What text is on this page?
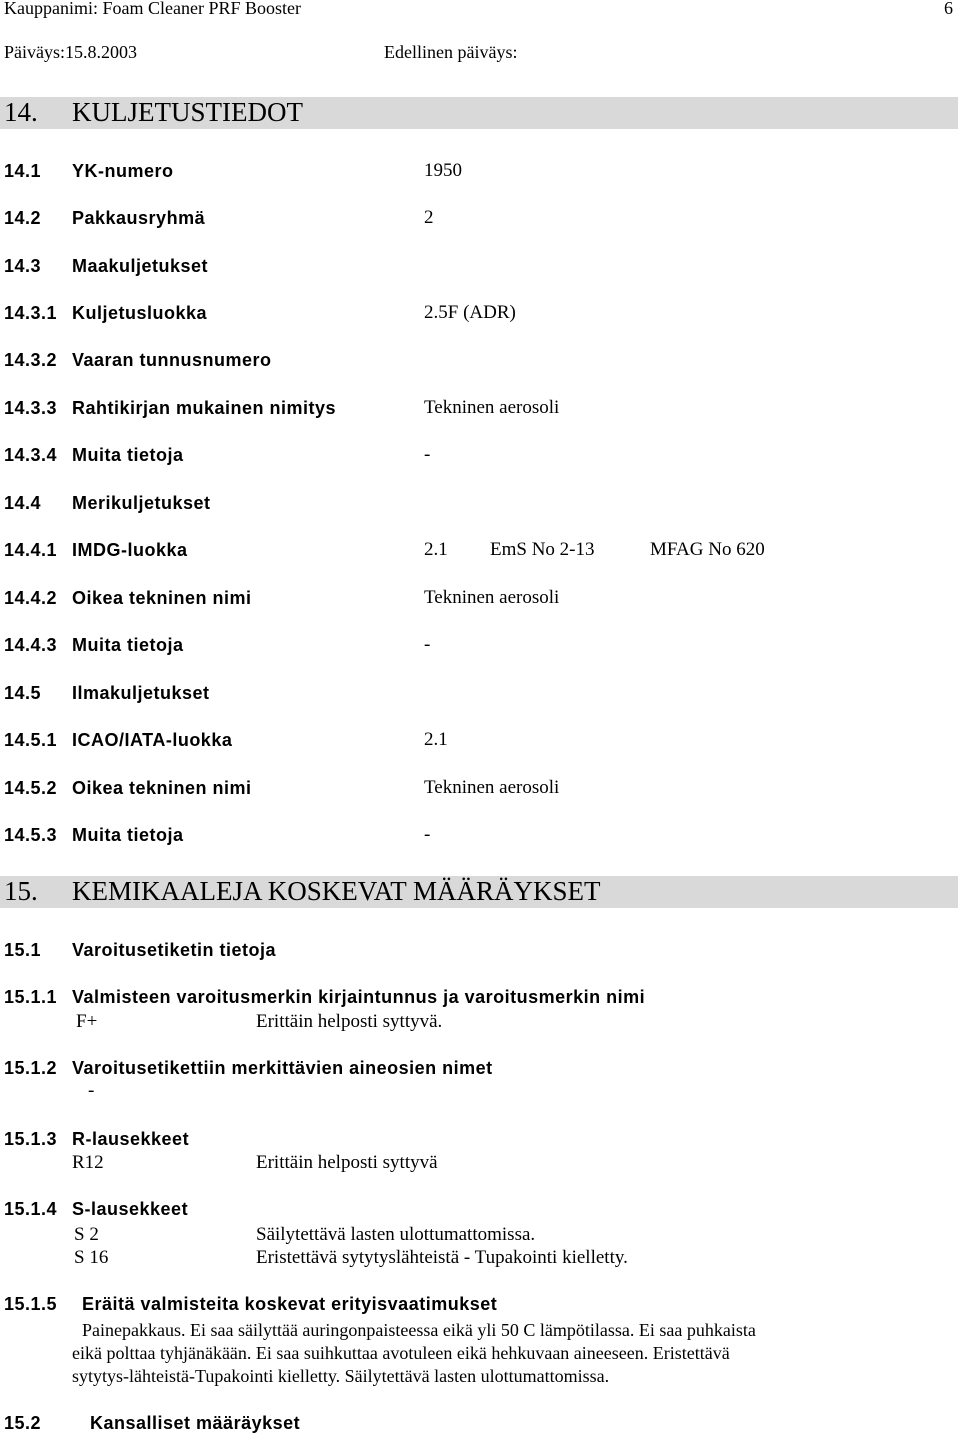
Kauppanimi: Foam Cleaner PRF Booster	6
Päiväys:15.8.2003	Edellinen päiväys:
14. KULJETUSTIEDOT
14.1 YK-numero	1950
14.2 Pakkausryhmä	2
14.3 Maakuljetukset
14.3.1 Kuljetusluokka	2.5F (ADR)
14.3.2 Vaaran tunnusnumero
14.3.3 Rahtikirjan mukainen nimitys	Tekninen aerosoli
14.3.4 Muita tietoja	-
14.4 Merikuljetukset
14.4.1 IMDG-luokka	2.1 EmS No 2-13	MFAG No 620
14.4.2 Oikea tekninen nimi	Tekninen aerosoli
14.4.3 Muita tietoja	-
14.5 Ilmakuljetukset
14.5.1 ICAO/IATA-luokka	2.1
14.5.2 Oikea tekninen nimi	Tekninen aerosoli
14.5.3 Muita tietoja	-
15. KEMIKAALEJA KOSKEVAT MÄÄRÄYKSET
15.1 Varoitusetiketin tietoja
15.1.1 Valmisteen varoitusmerkin kirjaintunnus ja varoitusmerkin nimi
F+	Erittäin helposti syttyvä.
15.1.2 Varoitusetikettiin merkittävien aineosien nimet
-
15.1.3 R-lausekkeet
R12	Erittäin helposti syttyvä
15.1.4 S-lausekkeet
S 2	Säilytettävä lasten ulottumattomissa.
S 16	Eristettävä sytytyslähteistä - Tupakointi kielletty.
15.1.5 Eräitä valmisteita koskevat erityisvaatimukset
Painepakkaus. Ei saa säilyttää auringonpaisteessa eikä yli 50 C lämpötilassa. Ei saa puhkaista
eikä polttaa tyhjänäkään. Ei saa suihkuttaa avotuleen eikä hehkuvaan aineeseen. Eristettävä
sytytys-lähteistä-Tupakointi kielletty. Säilytettävä lasten ulottumattomissa.
15.2	Kansalliset määräykset
